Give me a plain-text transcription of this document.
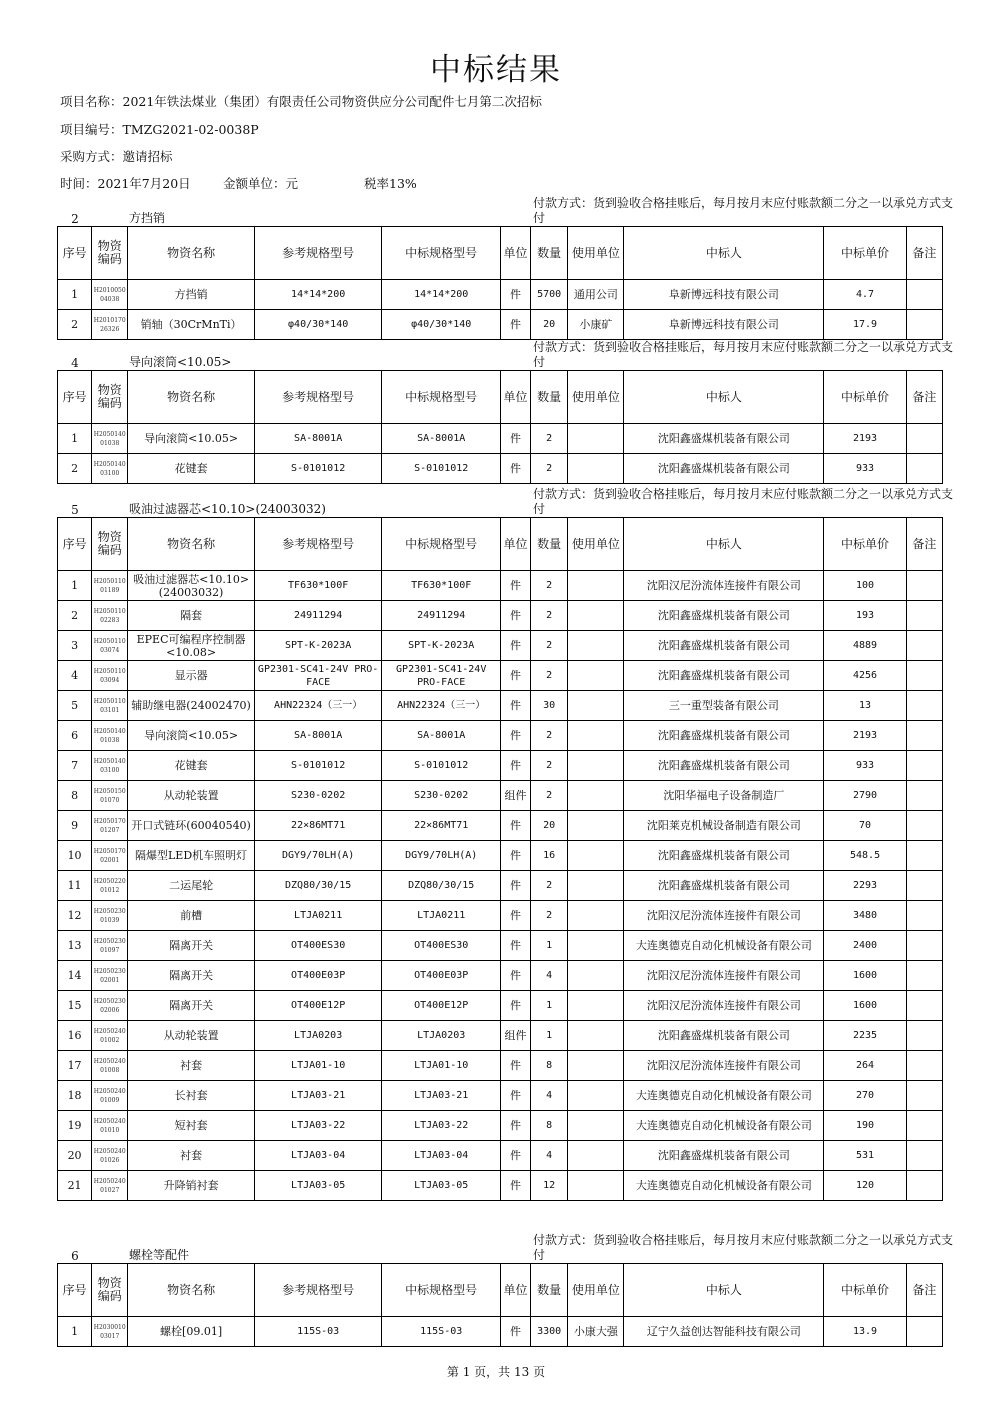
中标结果
项目名称：2021年铁法煤业（集团）有限责任公司物资供应分公司配件七月第二次招标
项目编号：TMZG2021-02-0038P
采购方式：邀请招标
时间：2021年7月20日	金额单位：元	税率13%
2	方挡销
付款方式：货到验收合格挂账后，每月按月末应付账款额二分之一以承兑方式支付
序号	物资编码	物资名称	参考规格型号	中标规格型号	单位	数量	使用单位	中标人	中标单价	备注
1	H2010050 04038	方挡销	14*14*200	14*14*200	件	5700	通用公司	阜新博远科技有限公司	4.7	
2	H2010170 26326	销轴（30CrMnTi）	φ40/30*140	φ40/30*140	件	20	小康矿	阜新博远科技有限公司	17.9	
4	导向滚筒<10.05>
付款方式：货到验收合格挂账后，每月按月末应付账款额二分之一以承兑方式支付
序号	物资编码	物资名称	参考规格型号	中标规格型号	单位	数量	使用单位	中标人	中标单价	备注
1	H2050140 01038	导向滚筒<10.05>	SA-8001A	SA-8001A	件	2		沈阳鑫盛煤机装备有限公司	2193	
2	H2050140 03100	花键套	S-0101012	S-0101012	件	2		沈阳鑫盛煤机装备有限公司	933	
5	吸油过滤器芯<10.10>(24003032)
付款方式：货到验收合格挂账后，每月按月末应付账款额二分之一以承兑方式支付
序号	物资编码	物资名称	参考规格型号	中标规格型号	单位	数量	使用单位	中标人	中标单价	备注
1	H2050110 01189	吸油过滤器芯<10.10>(24003032)	TF630*100F	TF630*100F	件	2		沈阳汉尼汾流体连接件有限公司	100	
2	H2050110 02283	隔套	24911294	24911294	件	2		沈阳鑫盛煤机装备有限公司	193	
3	H2050110 03074	EPEC可编程序控制器<10.08>	SPT-K-2023A	SPT-K-2023A	件	2		沈阳鑫盛煤机装备有限公司	4889	
4	H2050110 03094	显示器	GP2301-SC41-24V PRO-FACE	GP2301-SC41-24V PRO-FACE	件	2		沈阳鑫盛煤机装备有限公司	4256	
5	H2050110 03101	辅助继电器(24002470)	AHN22324（三一）	AHN22324（三一）	件	30		三一重型装备有限公司	13	
6	H2050140 01038	导向滚筒<10.05>	SA-8001A	SA-8001A	件	2		沈阳鑫盛煤机装备有限公司	2193	
7	H2050140 03100	花键套	S-0101012	S-0101012	件	2		沈阳鑫盛煤机装备有限公司	933	
8	H2050150 01070	从动轮装置	S230-0202	S230-0202	组件	2		沈阳华福电子设备制造厂	2790	
9	H2050170 01207	开口式链环(60040540)	22×86MT71	22×86MT71	件	20		沈阳莱克机械设备制造有限公司	70	
10	H2050170 02001	隔爆型LED机车照明灯	DGY9/70LH(A)	DGY9/70LH(A)	件	16		沈阳鑫盛煤机装备有限公司	548.5	
11	H2050220 01012	二运尾轮	DZQ80/30/15	DZQ80/30/15	件	2		沈阳鑫盛煤机装备有限公司	2293	
12	H2050230 01039	前槽	LTJA0211	LTJA0211	件	2		沈阳汉尼汾流体连接件有限公司	3480	
13	H2050230 01097	隔离开关	OT400ES30	OT400ES30	件	1		大连奥德克自动化机械设备有限公司	2400	
14	H2050230 02001	隔离开关	OT400E03P	OT400E03P	件	4		沈阳汉尼汾流体连接件有限公司	1600	
15	H2050230 02006	隔离开关	OT400E12P	OT400E12P	件	1		沈阳汉尼汾流体连接件有限公司	1600	
16	H2050240 01002	从动轮装置	LTJA0203	LTJA0203	组件	1		沈阳鑫盛煤机装备有限公司	2235	
17	H2050240 01008	衬套	LTJA01-10	LTJA01-10	件	8		沈阳汉尼汾流体连接件有限公司	264	
18	H2050240 01009	长衬套	LTJA03-21	LTJA03-21	件	4		大连奥德克自动化机械设备有限公司	270	
19	H2050240 01010	短衬套	LTJA03-22	LTJA03-22	件	8		大连奥德克自动化机械设备有限公司	190	
20	H2050240 01026	衬套	LTJA03-04	LTJA03-04	件	4		沈阳鑫盛煤机装备有限公司	531	
21	H2050240 01027	升降销衬套	LTJA03-05	LTJA03-05	件	12		大连奥德克自动化机械设备有限公司	120	
6	螺栓等配件
付款方式：货到验收合格挂账后，每月按月末应付账款额二分之一以承兑方式支付
序号	物资编码	物资名称	参考规格型号	中标规格型号	单位	数量	使用单位	中标人	中标单价	备注
1	H2030010 03017	螺栓[09.01]	115S-03	115S-03	件	3300	小康大强	辽宁久益创达智能科技有限公司	13.9	
第 1 页，共 13 页
